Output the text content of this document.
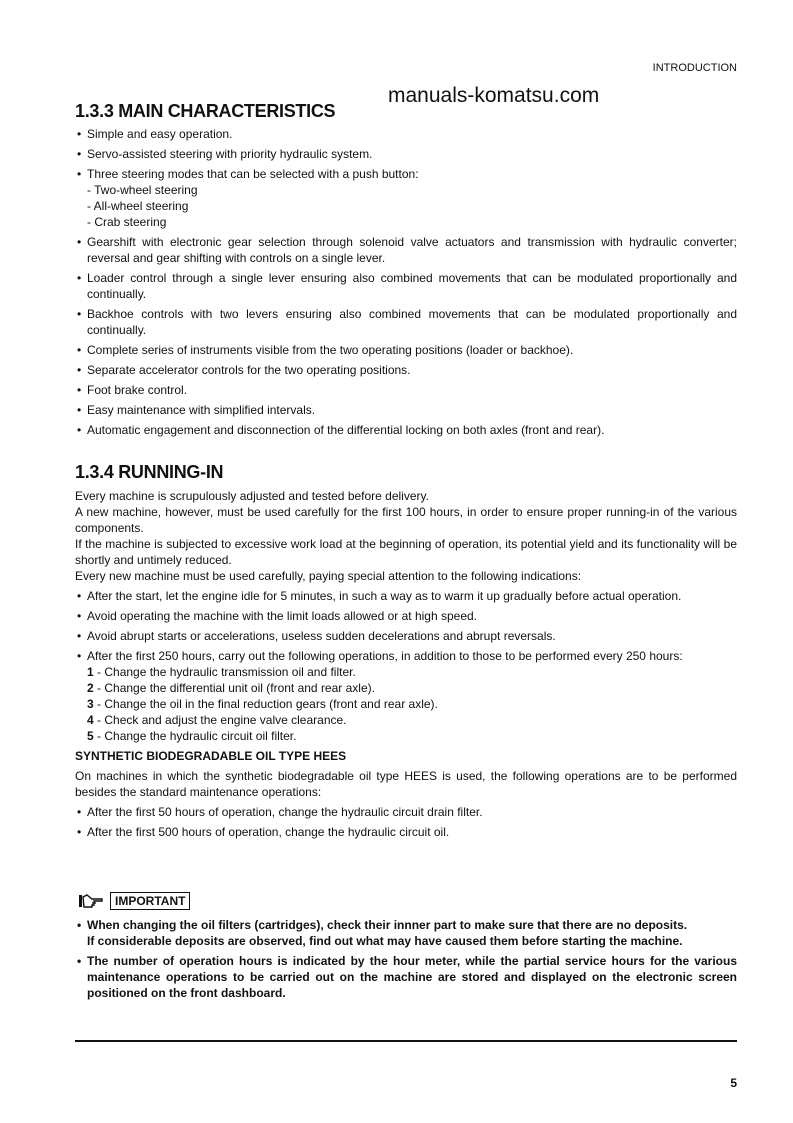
INTRODUCTION
manuals-komatsu.com
1.3.3 MAIN CHARACTERISTICS
• Simple and easy operation.
• Servo-assisted steering with priority hydraulic system.
• Three steering modes that can be selected with a push button:
- Two-wheel steering
- All-wheel steering
- Crab steering
• Gearshift with electronic gear selection through solenoid valve actuators and transmission with hydraulic converter; reversal and gear shifting with controls on a single lever.
• Loader control through a single lever ensuring also combined movements that can be modulated proportionally and continually.
• Backhoe controls with two levers ensuring also combined movements that can be modulated proportionally and continually.
• Complete series of instruments visible from the two operating positions (loader or backhoe).
• Separate accelerator controls for the two operating positions.
• Foot brake control.
• Easy maintenance with simplified intervals.
• Automatic engagement and disconnection of the differential locking on both axles (front and rear).
1.3.4 RUNNING-IN
Every machine is scrupulously adjusted and tested before delivery.
A new machine, however, must be used carefully for the first 100 hours, in order to ensure proper running-in of the various components.
If the machine is subjected to excessive work load at the beginning of operation, its potential yield and its functionality will be shortly and untimely reduced.
Every new machine must be used carefully, paying special attention to the following indications:
• After the start, let the engine idle for 5 minutes, in such a way as to warm it up gradually before actual operation.
• Avoid operating the machine with the limit loads allowed or at high speed.
• Avoid abrupt starts or accelerations, useless sudden decelerations and abrupt reversals.
• After the first 250 hours, carry out the following operations, in addition to those to be performed every 250 hours:
1 - Change the hydraulic transmission oil and filter.
2 - Change the differential unit oil (front and rear axle).
3 - Change the oil in the final reduction gears (front and rear axle).
4 - Check and adjust the engine valve clearance.
5 - Change the hydraulic circuit oil filter.
SYNTHETIC BIODEGRADABLE OIL TYPE HEES
On machines in which the synthetic biodegradable oil type HEES is used, the following operations are to be performed besides the standard maintenance operations:
• After the first 50 hours of operation, change the hydraulic circuit drain filter.
• After the first 500 hours of operation, change the hydraulic circuit oil.
IMPORTANT
• When changing the oil filters (cartridges), check their innner part to make sure that there are no deposits.
If considerable deposits are observed, find out what may have caused them before starting the machine.
• The number of operation hours is indicated by the hour meter, while the partial service hours for the various maintenance operations to be carried out on the machine are stored and displayed on the electronic screen positioned on the front dashboard.
5
